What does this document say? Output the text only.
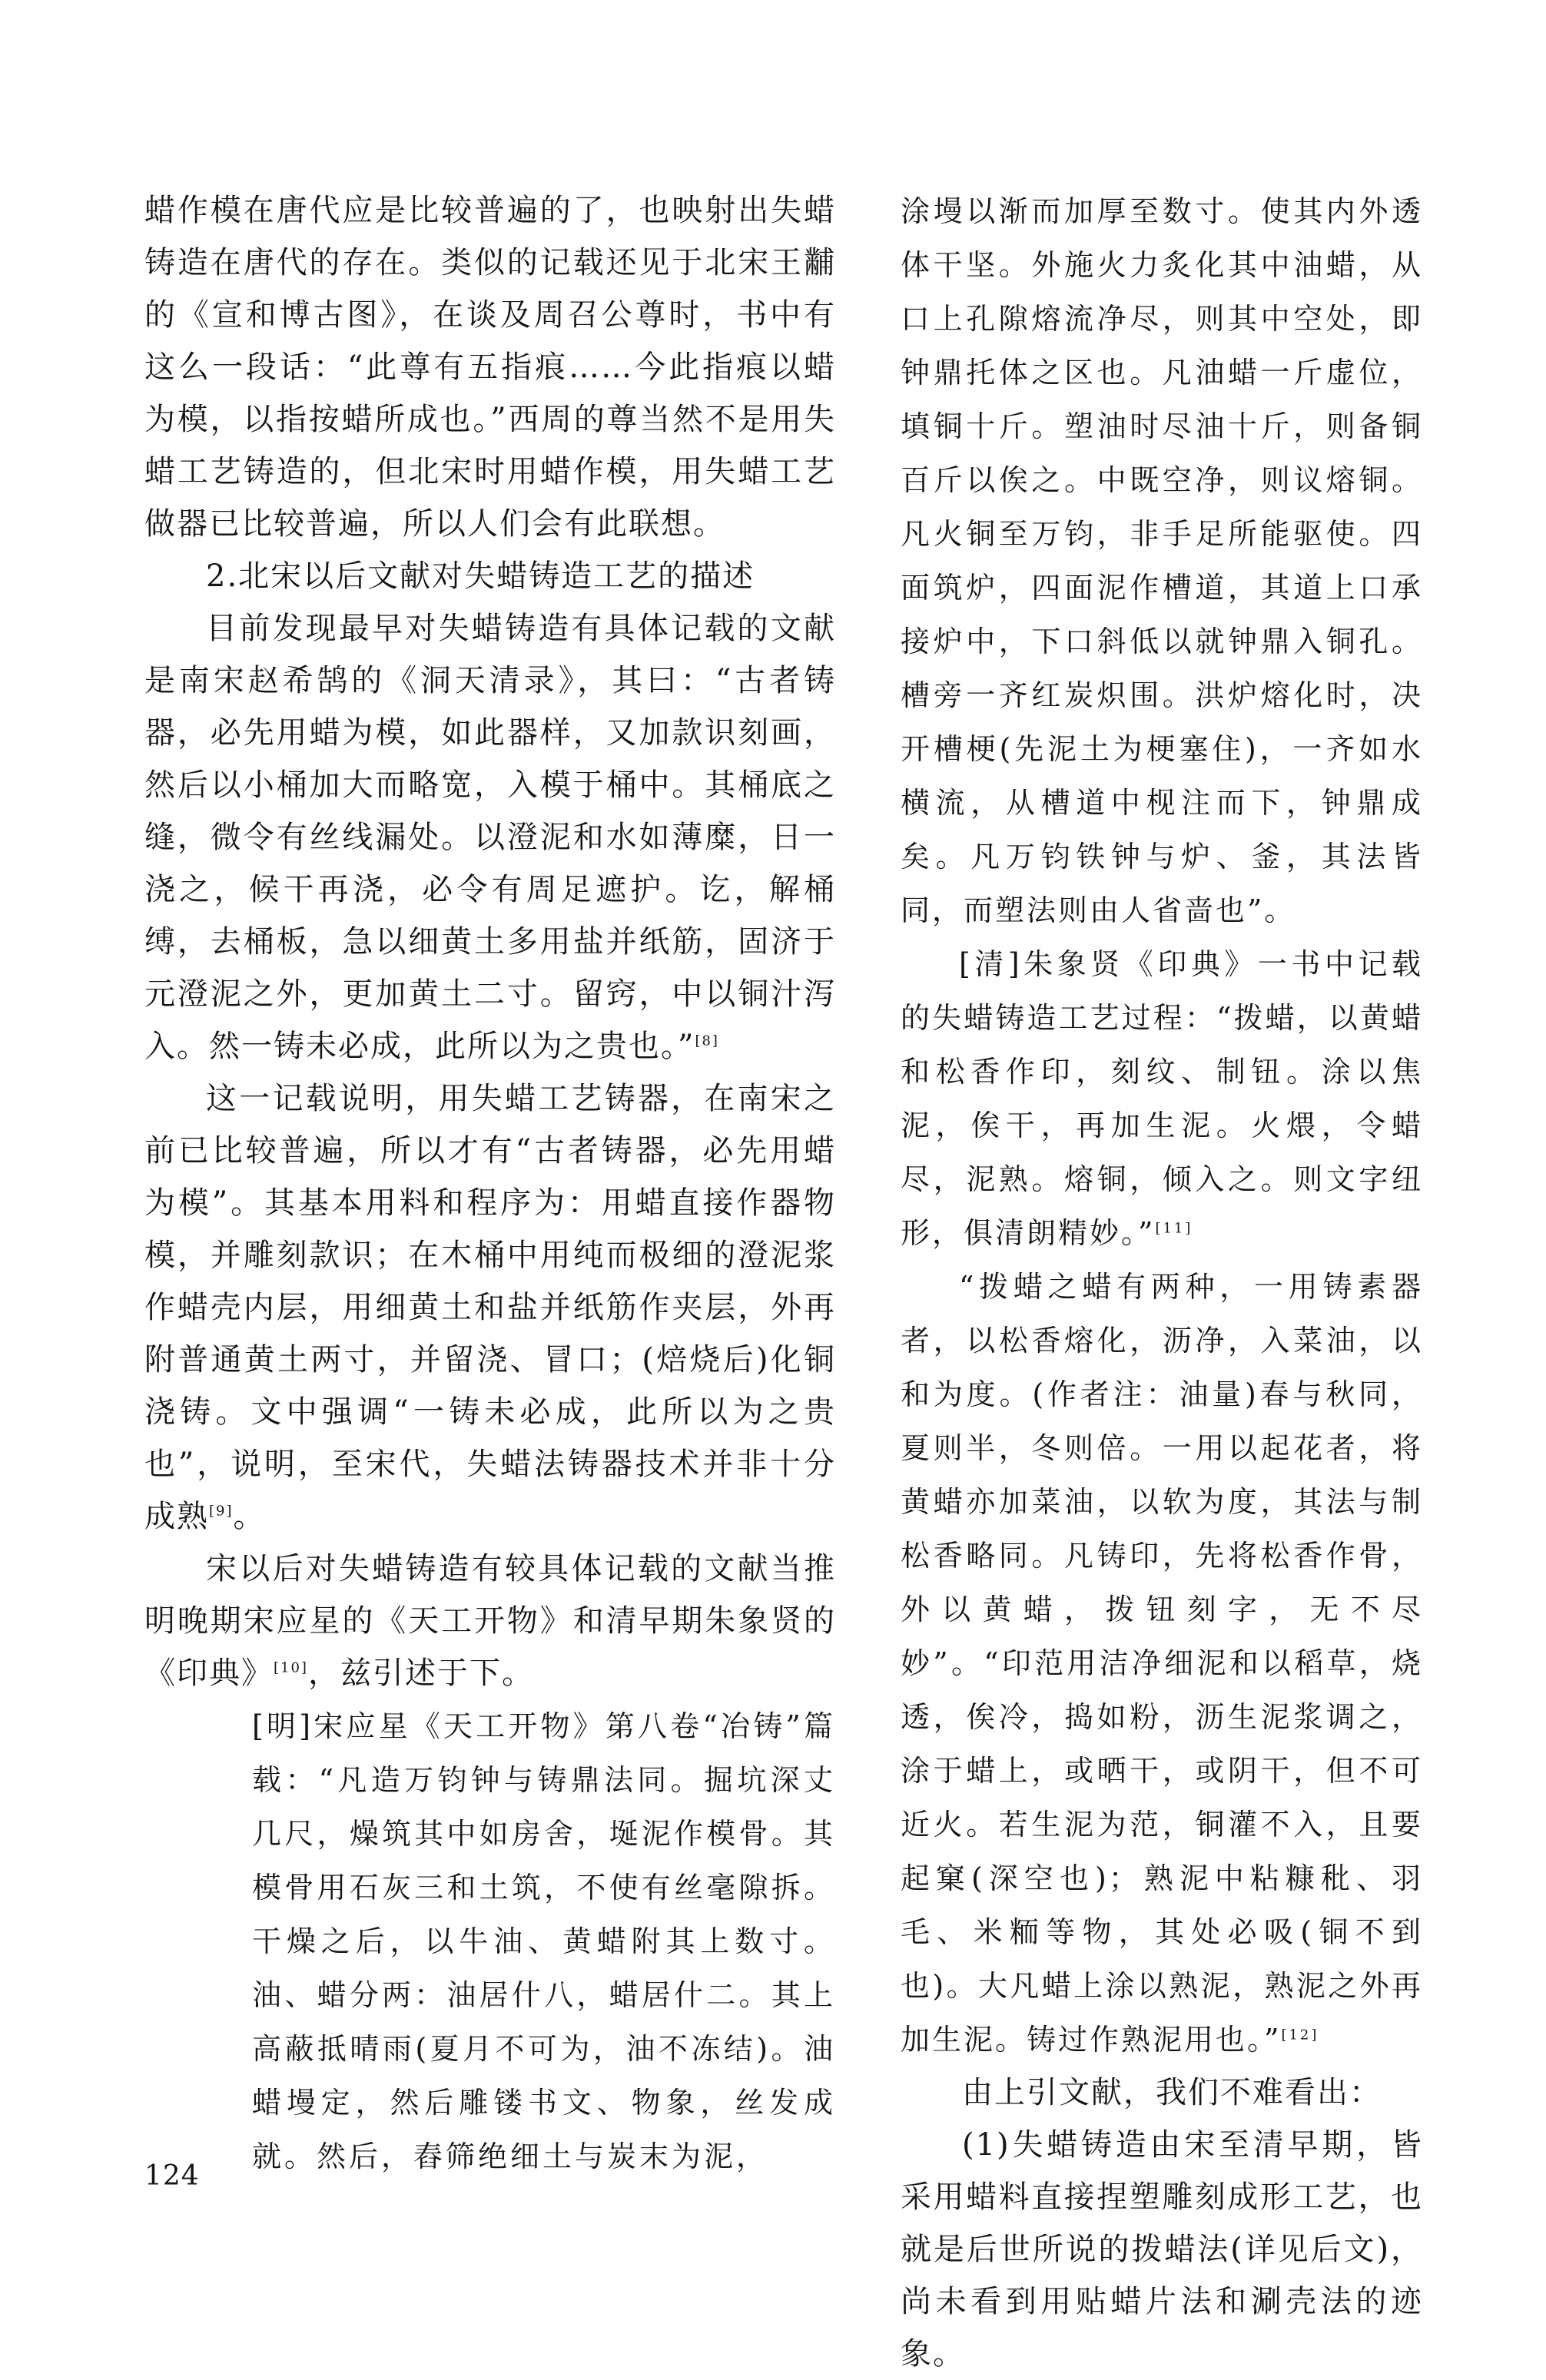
蜡作模在唐代应是比较普遍的了，也映射出失蜡铸造在唐代的存在。类似的记载还见于北宋王黼的《宣和博古图》，在谈及周召公尊时，书中有这么一段话：“此尊有五指痕……今此指痕以蜡为模，以指按蜡所成也。”西周的尊当然不是用失蜡工艺铸造的，但北宋时用蜡作模，用失蜡工艺做器已比较普遍，所以人们会有此联想。

2.北宋以后文献对失蜡铸造工艺的描述

目前发现最早对失蜡铸造有具体记载的文献是南宋赵希鹄的《洞天清录》，其曰：“古者铸器，必先用蜡为模，如此器样，又加款识刻画，然后以小桶加大而略宽，入模于桶中。其桶底之缝，微令有丝线漏处。以澄泥和水如薄糜，日一浇之，候干再浇，必令有周足遮护。讫，解桶缚，去桶板，急以细黄土多用盐并纸筋，固济于元澄泥之外，更加黄土二寸。留窍，中以铜汁泻入。然一铸未必成，此所以为之贵也。”[8]

这一记载说明，用失蜡工艺铸器，在南宋之前已比较普遍，所以才有“古者铸器，必先用蜡为模”。其基本用料和程序为：用蜡直接作器物模，并雕刻款识；在木桶中用纯而极细的澄泥浆作蜡壳内层，用细黄土和盐并纸筋作夹层，外再附普通黄土两寸，并留浇、冒口；(焙烧后)化铜浇铸。文中强调“一铸未必成，此所以为之贵也”，说明，至宋代，失蜡法铸器技术并非十分成熟[9]。

宋以后对失蜡铸造有较具体记载的文献当推明晚期宋应星的《天工开物》和清早期朱象贤的《印典》[10]，兹引述于下。

[明]宋应星《天工开物》第八卷“冶铸”篇载：“凡造万钧钟与铸鼎法同。掘坑深丈几尺，燥筑其中如房舍，埏泥作模骨。其模骨用石灰三和土筑，不使有丝毫隙拆。干燥之后，以牛油、黄蜡附其上数寸。油、蜡分两：油居什八，蜡居什二。其上高蔽抵晴雨(夏月不可为，油不冻结)。油蜡墁定，然后雕镂书文、物象，丝发成就。然后，舂筛绝细土与炭末为泥，

涂墁以渐而加厚至数寸。使其内外透体干坚。外施火力炙化其中油蜡，从口上孔隙熔流净尽，则其中空处，即钟鼎托体之区也。凡油蜡一斤虚位，填铜十斤。塑油时尽油十斤，则备铜百斤以俟之。中既空净，则议熔铜。凡火铜至万钧，非手足所能驱使。四面筑炉，四面泥作槽道，其道上口承接炉中，下口斜低以就钟鼎入铜孔。槽旁一齐红炭炽围。洪炉熔化时，决开槽梗(先泥土为梗塞住)，一齐如水横流，从槽道中枧注而下，钟鼎成矣。凡万钧铁钟与炉、釜，其法皆同，而塑法则由人省啬也”。

[清]朱象贤《印典》一书中记载的失蜡铸造工艺过程：“拨蜡，以黄蜡和松香作印，刻纹、制钮。涂以焦泥，俟干，再加生泥。火煨，令蜡尽，泥熟。熔铜，倾入之。则文字纽形，俱清朗精妙。”[11]

“拨蜡之蜡有两种，一用铸素器者，以松香熔化，沥净，入菜油，以和为度。(作者注：油量)春与秋同，夏则半，冬则倍。一用以起花者，将黄蜡亦加菜油，以软为度，其法与制松香略同。凡铸印，先将松香作骨，外以黄蜡，拨钮刻字，无不尽妙”。“印范用洁净细泥和以稻草，烧透，俟冷，捣如粉，沥生泥浆调之，涂于蜡上，或晒干，或阴干，但不可近火。若生泥为范，铜灌不入，且要起窠(深空也)；熟泥中粘糠秕、羽毛、米粫等物，其处必吸(铜不到也)。大凡蜡上涂以熟泥，熟泥之外再加生泥。铸过作熟泥用也。”[12]

由上引文献，我们不难看出：

(1)失蜡铸造由宋至清早期，皆采用蜡料直接捏塑雕刻成形工艺，也就是后世所说的拨蜡法(详见后文)，尚未看到用贴蜡片法和涮壳法的迹象。

124
